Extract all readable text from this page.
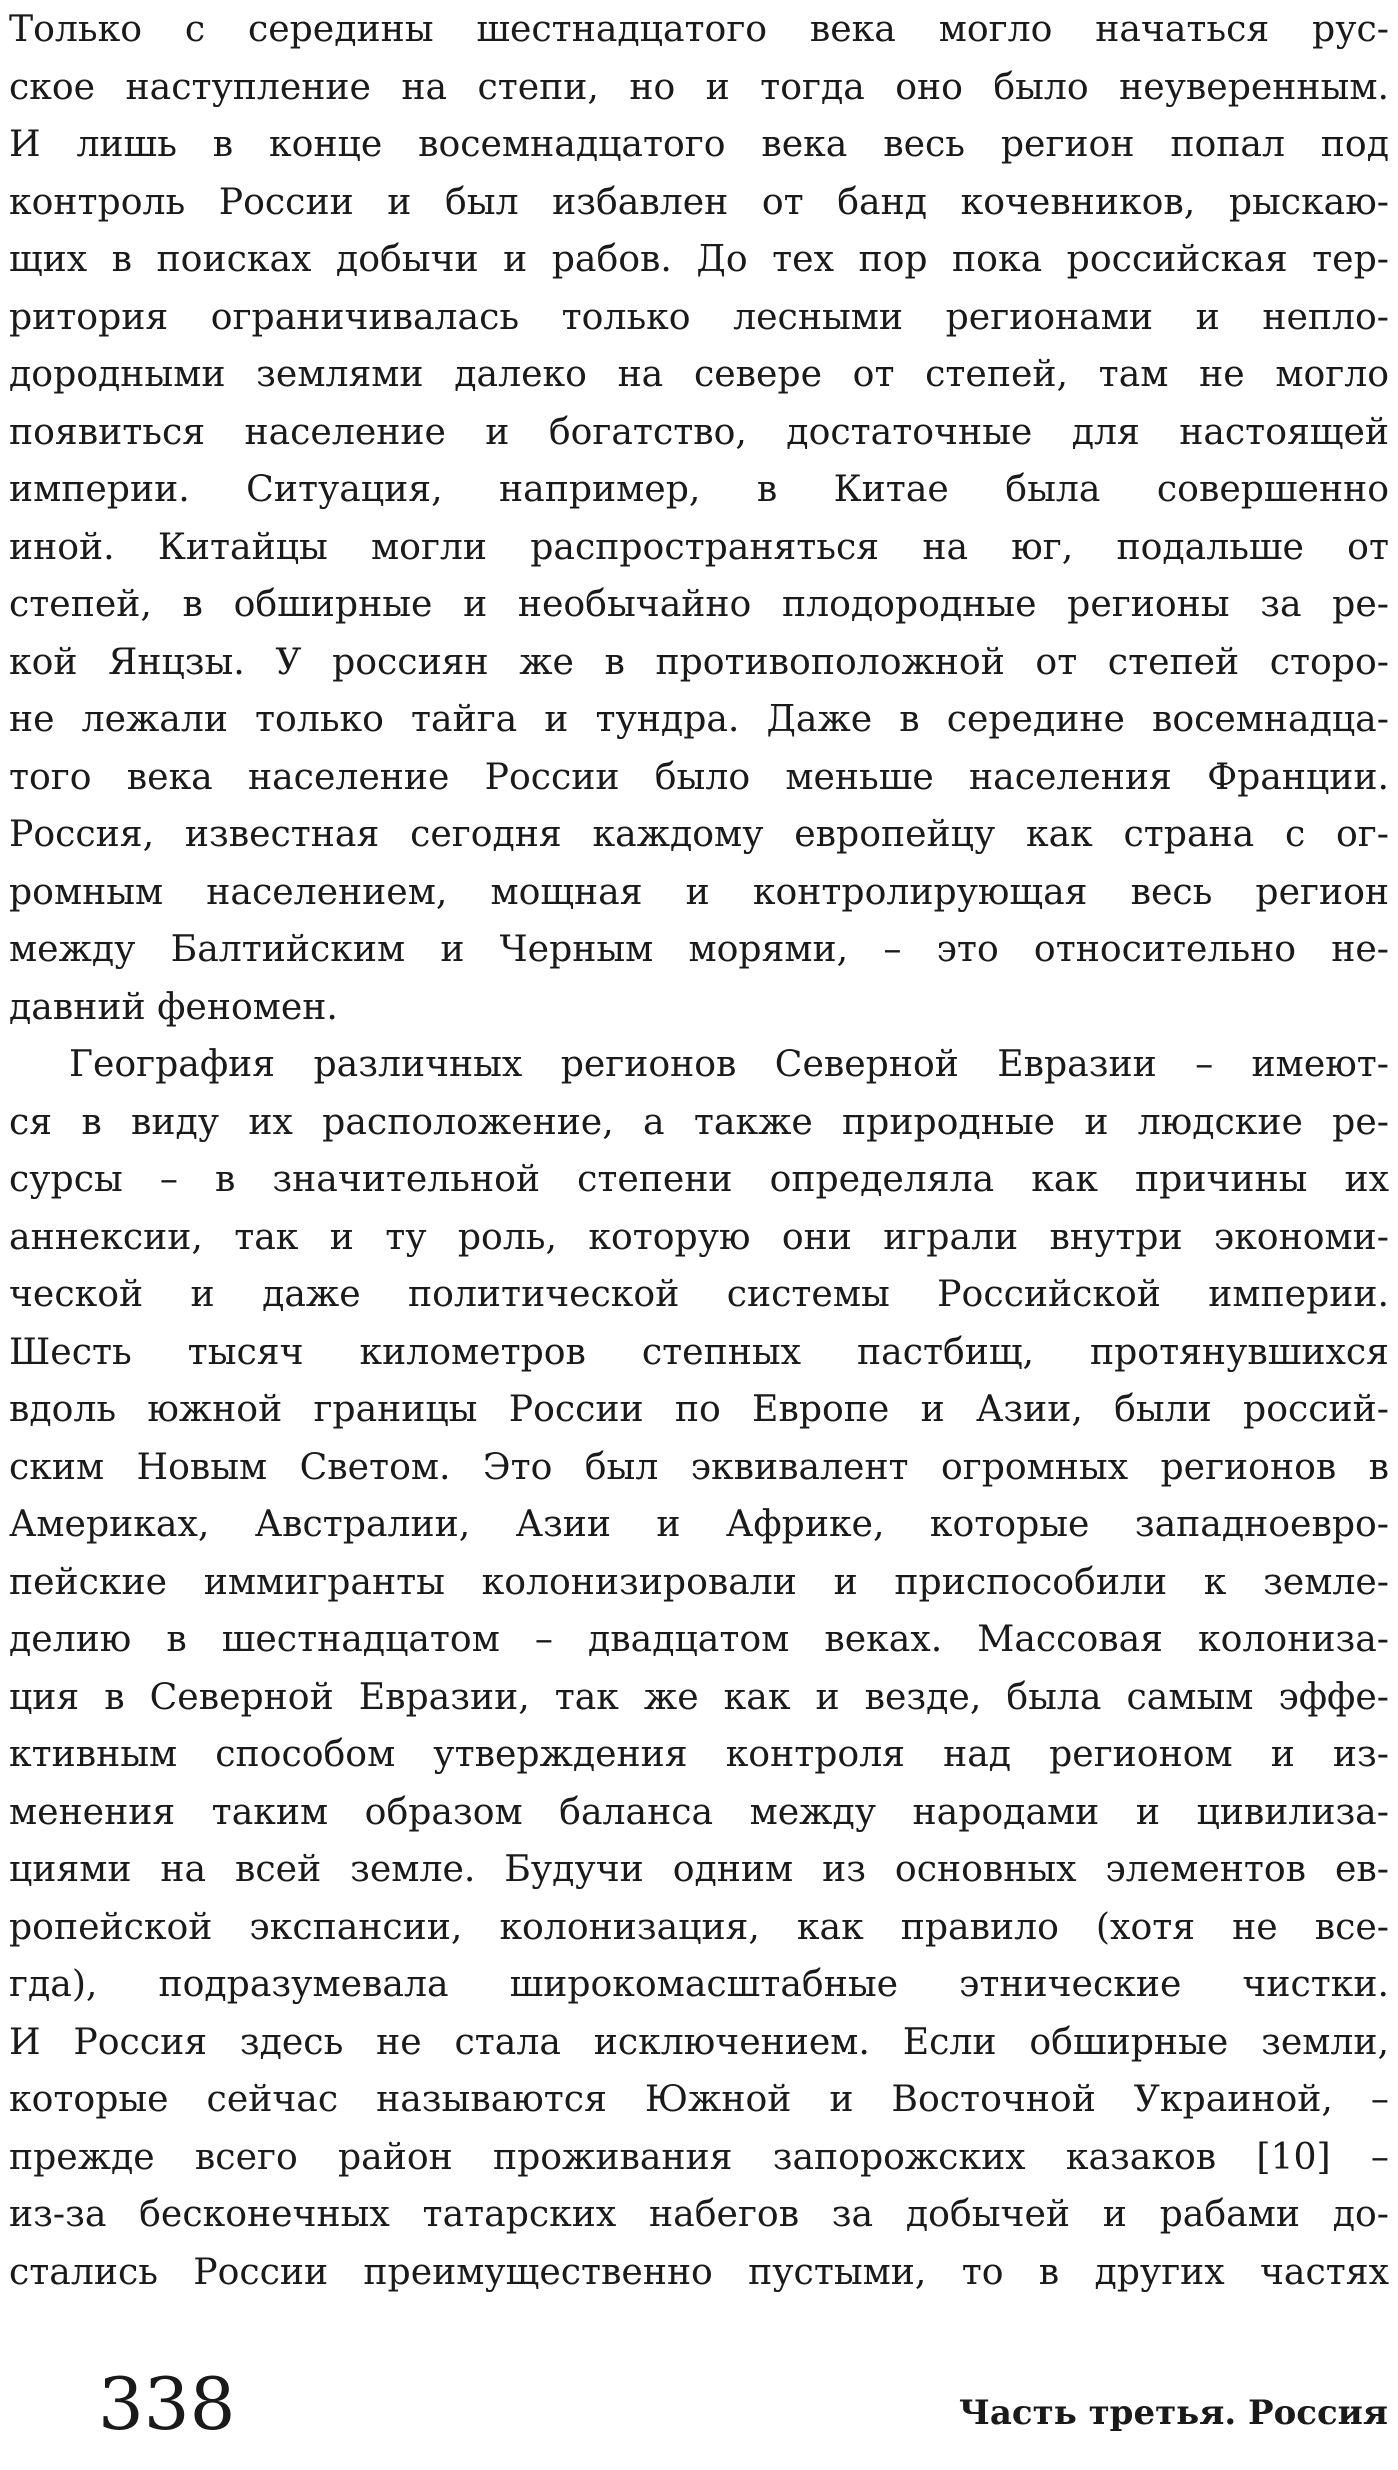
Только с середины шестнадцатого века могло начаться рус-
ское наступление на степи, но и тогда оно было неуверенным.
И лишь в конце восемнадцатого века весь регион попал под
контроль России и был избавлен от банд кочевников, рыскаю-
щих в поисках добычи и рабов. До тех пор пока российская тер-
ритория ограничивалась только лесными регионами и неплo-
дородными землями далеко на севере от степей, там не могло
появиться население и богатство, достаточные для настоящей
империи. Ситуация, например, в Китае была совершенно
иной. Китайцы могли распространяться на юг, подальше от
степей, в обширные и необычайно плодородные регионы за ре-
кой Янцзы. У россиян же в противоположной от степей сторо-
не лежали только тайга и тундра. Даже в середине восемнадца-
того века население России было меньше населения Франции.
Россия, известная сегодня каждому европейцу как страна с ог-
ромным населением, мощная и контролирующая весь регион
между Балтийским и Черным морями, – это относительно не-
давний феномен.
География различных регионов Северной Евразии – имеют-
ся в виду их расположение, а также природные и людские ре-
сурсы – в значительной степени определяла как причины их
аннексии, так и ту роль, которую они играли внутри экономи-
ческой и даже политической системы Российской империи.
Шесть тысяч километров степных пастбищ, протянувшихся
вдоль южной границы России по Европе и Азии, были россий-
ским Новым Светом. Это был эквивалент огромных регионов в
Америках, Австралии, Азии и Африке, которые западноевро-
пейские иммигранты колонизировали и приспособили к земле-
делию в шестнадцатом – двадцатом веках. Массовая колониза-
ция в Северной Евразии, так же как и везде, была самым эффе-
ктивным способом утверждения контроля над регионом и из-
менения таким образом баланса между народами и цивилиза-
циями на всей земле. Будучи одним из основных элементов ев-
ропейской экспансии, колонизация, как правило (хотя не все-
гда), подразумевала широкомасштабные этнические чистки.
И Россия здесь не стала исключением. Если обширные земли,
которые сейчас называются Южной и Восточной Украиной, –
прежде всего район проживания запорожских казаков [10] –
из-за бесконечных татарских набегов за добычей и рабами до-
стались России преимущественно пустыми, то в других частях
338	Часть третья. Россия
